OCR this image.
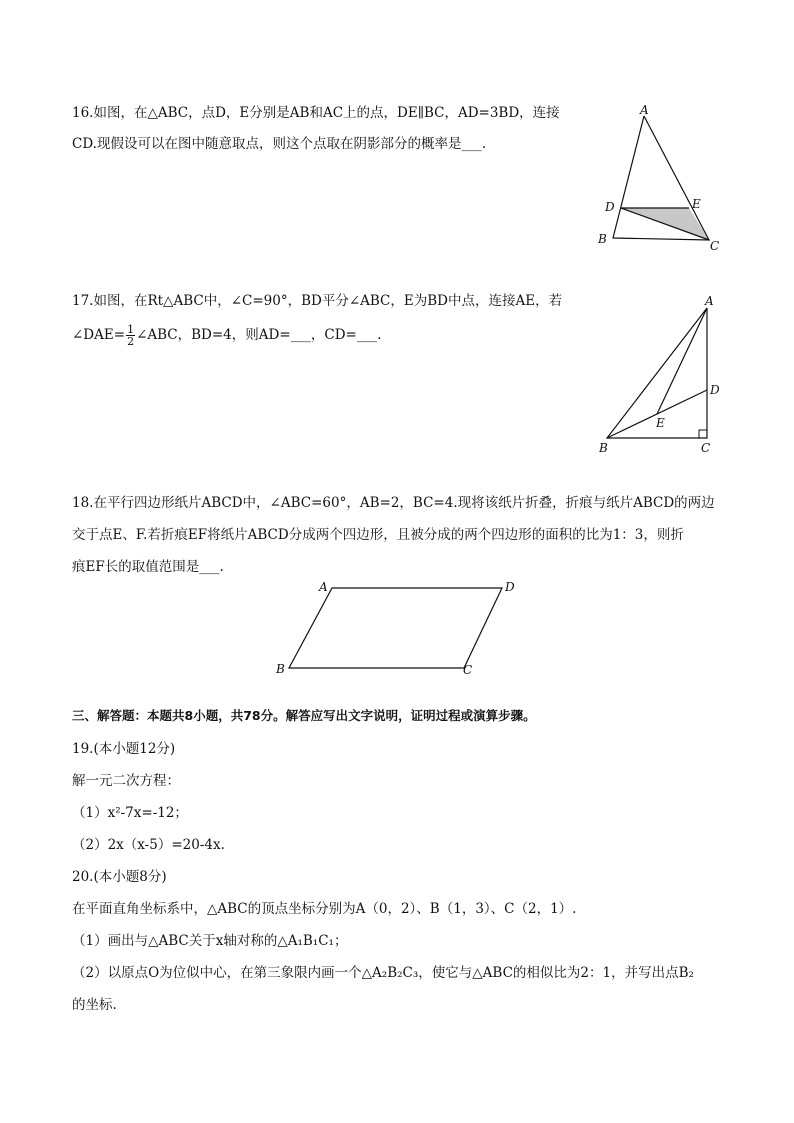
16.如图，在△ABC，点D，E分别是AB和AC上的点，DE∥BC，AD=3BD，连接
CD.现假设可以在图中随意取点，则这个点取在阴影部分的概率是___.
A
D	E
B	C
17.如图，在Rt△ABC中，∠C=90°，BD平分∠ABC，E为BD中点，连接AE，若
∠DAE= $\frac{1}{2}$ ∠ABC，BD=4，则AD=___，CD=___.
A
D
E
B	C
18.在平行四边形纸片ABCD中，∠ABC=60°，AB=2，BC=4.现将该纸片折叠，折痕与纸片ABCD的两边
交于点E、F.若折痕EF将纸片ABCD分成两个四边形，且被分成的两个四边形的面积的比为1：3，则折
痕EF长的取值范围是___.
A	D
B	C
三、解答题：本题共8小题，共78分。解答应写出文字说明，证明过程或演算步骤。
19.(本小题12分)
解一元二次方程：
（1）x²-7x=-12；
（2）2x（x-5）=20-4x.
20.(本小题8分)
在平面直角坐标系中，△ABC的顶点坐标分别为A（0，2）、B（1，3）、C（2，1）.
（1）画出与△ABC关于x轴对称的△A₁B₁C₁；
（2）以原点O为位似中心，在第三象限内画一个△A₂B₂C₃，使它与△ABC的相似比为2：1，并写出点B₂
的坐标.
